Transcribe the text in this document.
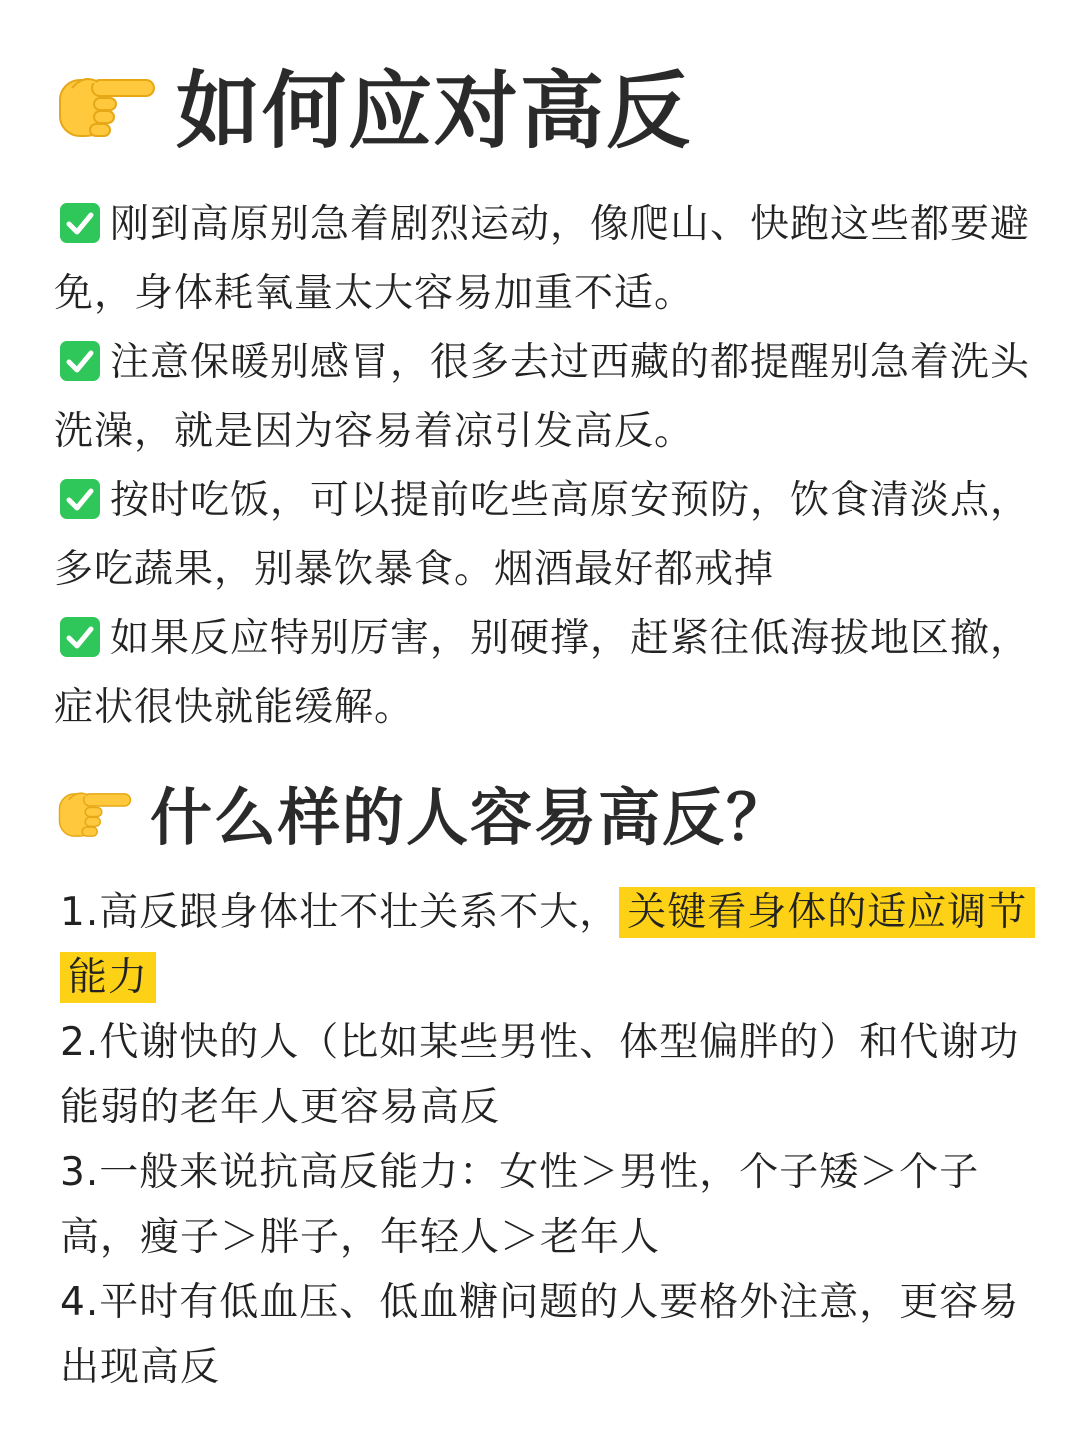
如何应对高反
刚到高原别急着剧烈运动，像爬山、快跑这些都要避免，身体耗氧量太大容易加重不适。
注意保暖别感冒，很多去过西藏的都提醒别急着洗头洗澡，就是因为容易着凉引发高反。
按时吃饭，可以提前吃些高原安预防，饮食清淡点，多吃蔬果，别暴饮暴食。烟酒最好都戒掉
如果反应特别厉害，别硬撑，赶紧往低海拔地区撤，症状很快就能缓解。
什么样的人容易高反？
1.高反跟身体壮不壮关系不大， 关键看身体的适应调节能力
2.代谢快的人（比如某些男性、体型偏胖的）和代谢功能弱的老年人更容易高反
3.一般来说抗高反能力：女性＞男性，个子矮＞个子高，瘦子＞胖子，年轻人＞老年人
4.平时有低血压、低血糖问题的人要格外注意，更容易出现高反
